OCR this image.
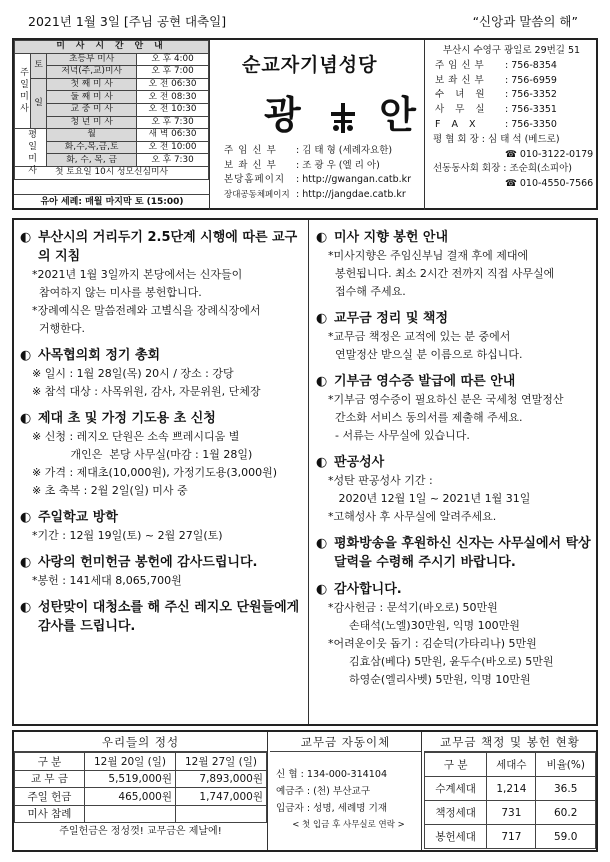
2021년 1월 3일 [주님 공현 대축일]	“신앙과 말씀의 해”
미 사 시 간 안 내			
주일미사	토	초등부 미사	오 후 4:00
		저녁(주,교)미사	오 후 7:00
	일	첫 째 미 사	오 전 06:30
		둘 째 미 사	오 전 08:30
		교 중 미 사	오 전 10:30
		청 년 미 사	오 후 7:30
평일미사		월	새 벽 06:30
		화,수,목,금,토	오 전 10:00
		화, 수, 목, 금	오 후 7:30
첫 토요일 10시 성모신심미사			
유아 세례: 매월 마지막 토 (15:00)
순교자기념성당
광 안
주 임 신 부	: 김 태 형 (세례자요한)
보 좌 신 부	: 조 광 우 (엘 리 아)
본당홈페이지	: http://gwangan.catb.kr
장대공동체페이지 : http://jangdae.catb.kr
부산시 수영구 광일로 29번길 51
주임신부	: 756-8354
보좌신부	: 756-6959
수 녀 원	: 756-3352
사 무 실	: 756-3351
F A X	: 756-3350
평 협 회 장 : 심 태 석 (베드로)
☎ 010-3122-0179
선동동사회 회장 : 조순희(소피아)
☎ 010-4550-7566
◐ 부산시의 거리두기 2.5단계 시행에 따른 교구의 지침
*2021년 1월 3일까지 본당에서는 신자들이
참여하지 않는 미사를 봉헌합니다.
*장례예식은 말씀전례와 고별식을 장례식장에서
거행한다.
◐ 사목협의회 정기 총회
※ 일시 : 1월 28일(목) 20시 / 장소 : 강당
※ 참석 대상 : 사목위원, 감사, 자문위원, 단체장
◐ 제대 초 및 가정 기도용 초 신청
※ 신청 : 레지오 단원은 소속 쁘레시디움 별
개인은  본당 사무실(마감 : 1월 28일)
※ 가격 : 제대초(10,000원), 가정기도용(3,000원)
※ 초 축복 : 2월 2일(일) 미사 중
◐ 주일학교 방학
*기간 : 12월 19일(토) ~ 2월 27일(토)
◐ 사랑의 헌미헌금 봉헌에 감사드립니다.
*봉헌 : 141세대 8,065,700원
◐ 성탄맞이 대청소를 해 주신 레지오 단원들에게 감사를 드립니다.
◐ 미사 지향 봉헌 안내
*미사지향은 주임신부님 결재 후에 제대에
봉헌됩니다. 최소 2시간 전까지 직접 사무실에
접수해 주세요.
◐ 교무금 정리 및 책정
*교무금 책정은 교적에 있는 분 중에서
연말정산 받으실 분 이름으로 하십니다.
◐ 기부금 영수증 발급에 따른 안내
*기부금 영수증이 필요하신 분은 국세청 연말정산
간소화 서비스 동의서를 제출해 주세요.
- 서류는 사무실에 있습니다.
◐ 판공성사
*성탄 판공성사 기간 :
2020년 12월 1일 ~ 2021년 1월 31일
*고해성사 후 사무실에 알려주세요.
◐ 평화방송을 후원하신 신자는 사무실에서 탁상달력을 수령해 주시기 바랍니다.
◐ 감사합니다.
*감사헌금 : 문석기(바오로) 50만원
손태석(노엘)30만원, 익명 100만원
*어려운이웃 돕기 : 김순덕(가타리나) 5만원
김효삼(베다) 5만원, 윤두수(바오로) 5만원
하영순(엘리사벳) 5만원, 익명 10만원
우리들의 정성
구 분	12월 20일 (일)	12월 27일 (일)
교 무 금	5,519,000원	7,893,000원
주일 헌금	465,000원	1,747,000원
미사 참례		
주일헌금은 정성껏! 교무금은 제날에!
교무금 자동이체
신 협 : 134-000-314104
예금주 : (천) 부산교구
입금자 : 성명, 세례명 기재
< 첫 입금 후 사무실로 연락 >
교무금 책정 및 봉헌 현황
구 분	세대수	비율(%)
수계세대	1,214	36.5
책정세대	731	60.2
봉헌세대	717	59.0
